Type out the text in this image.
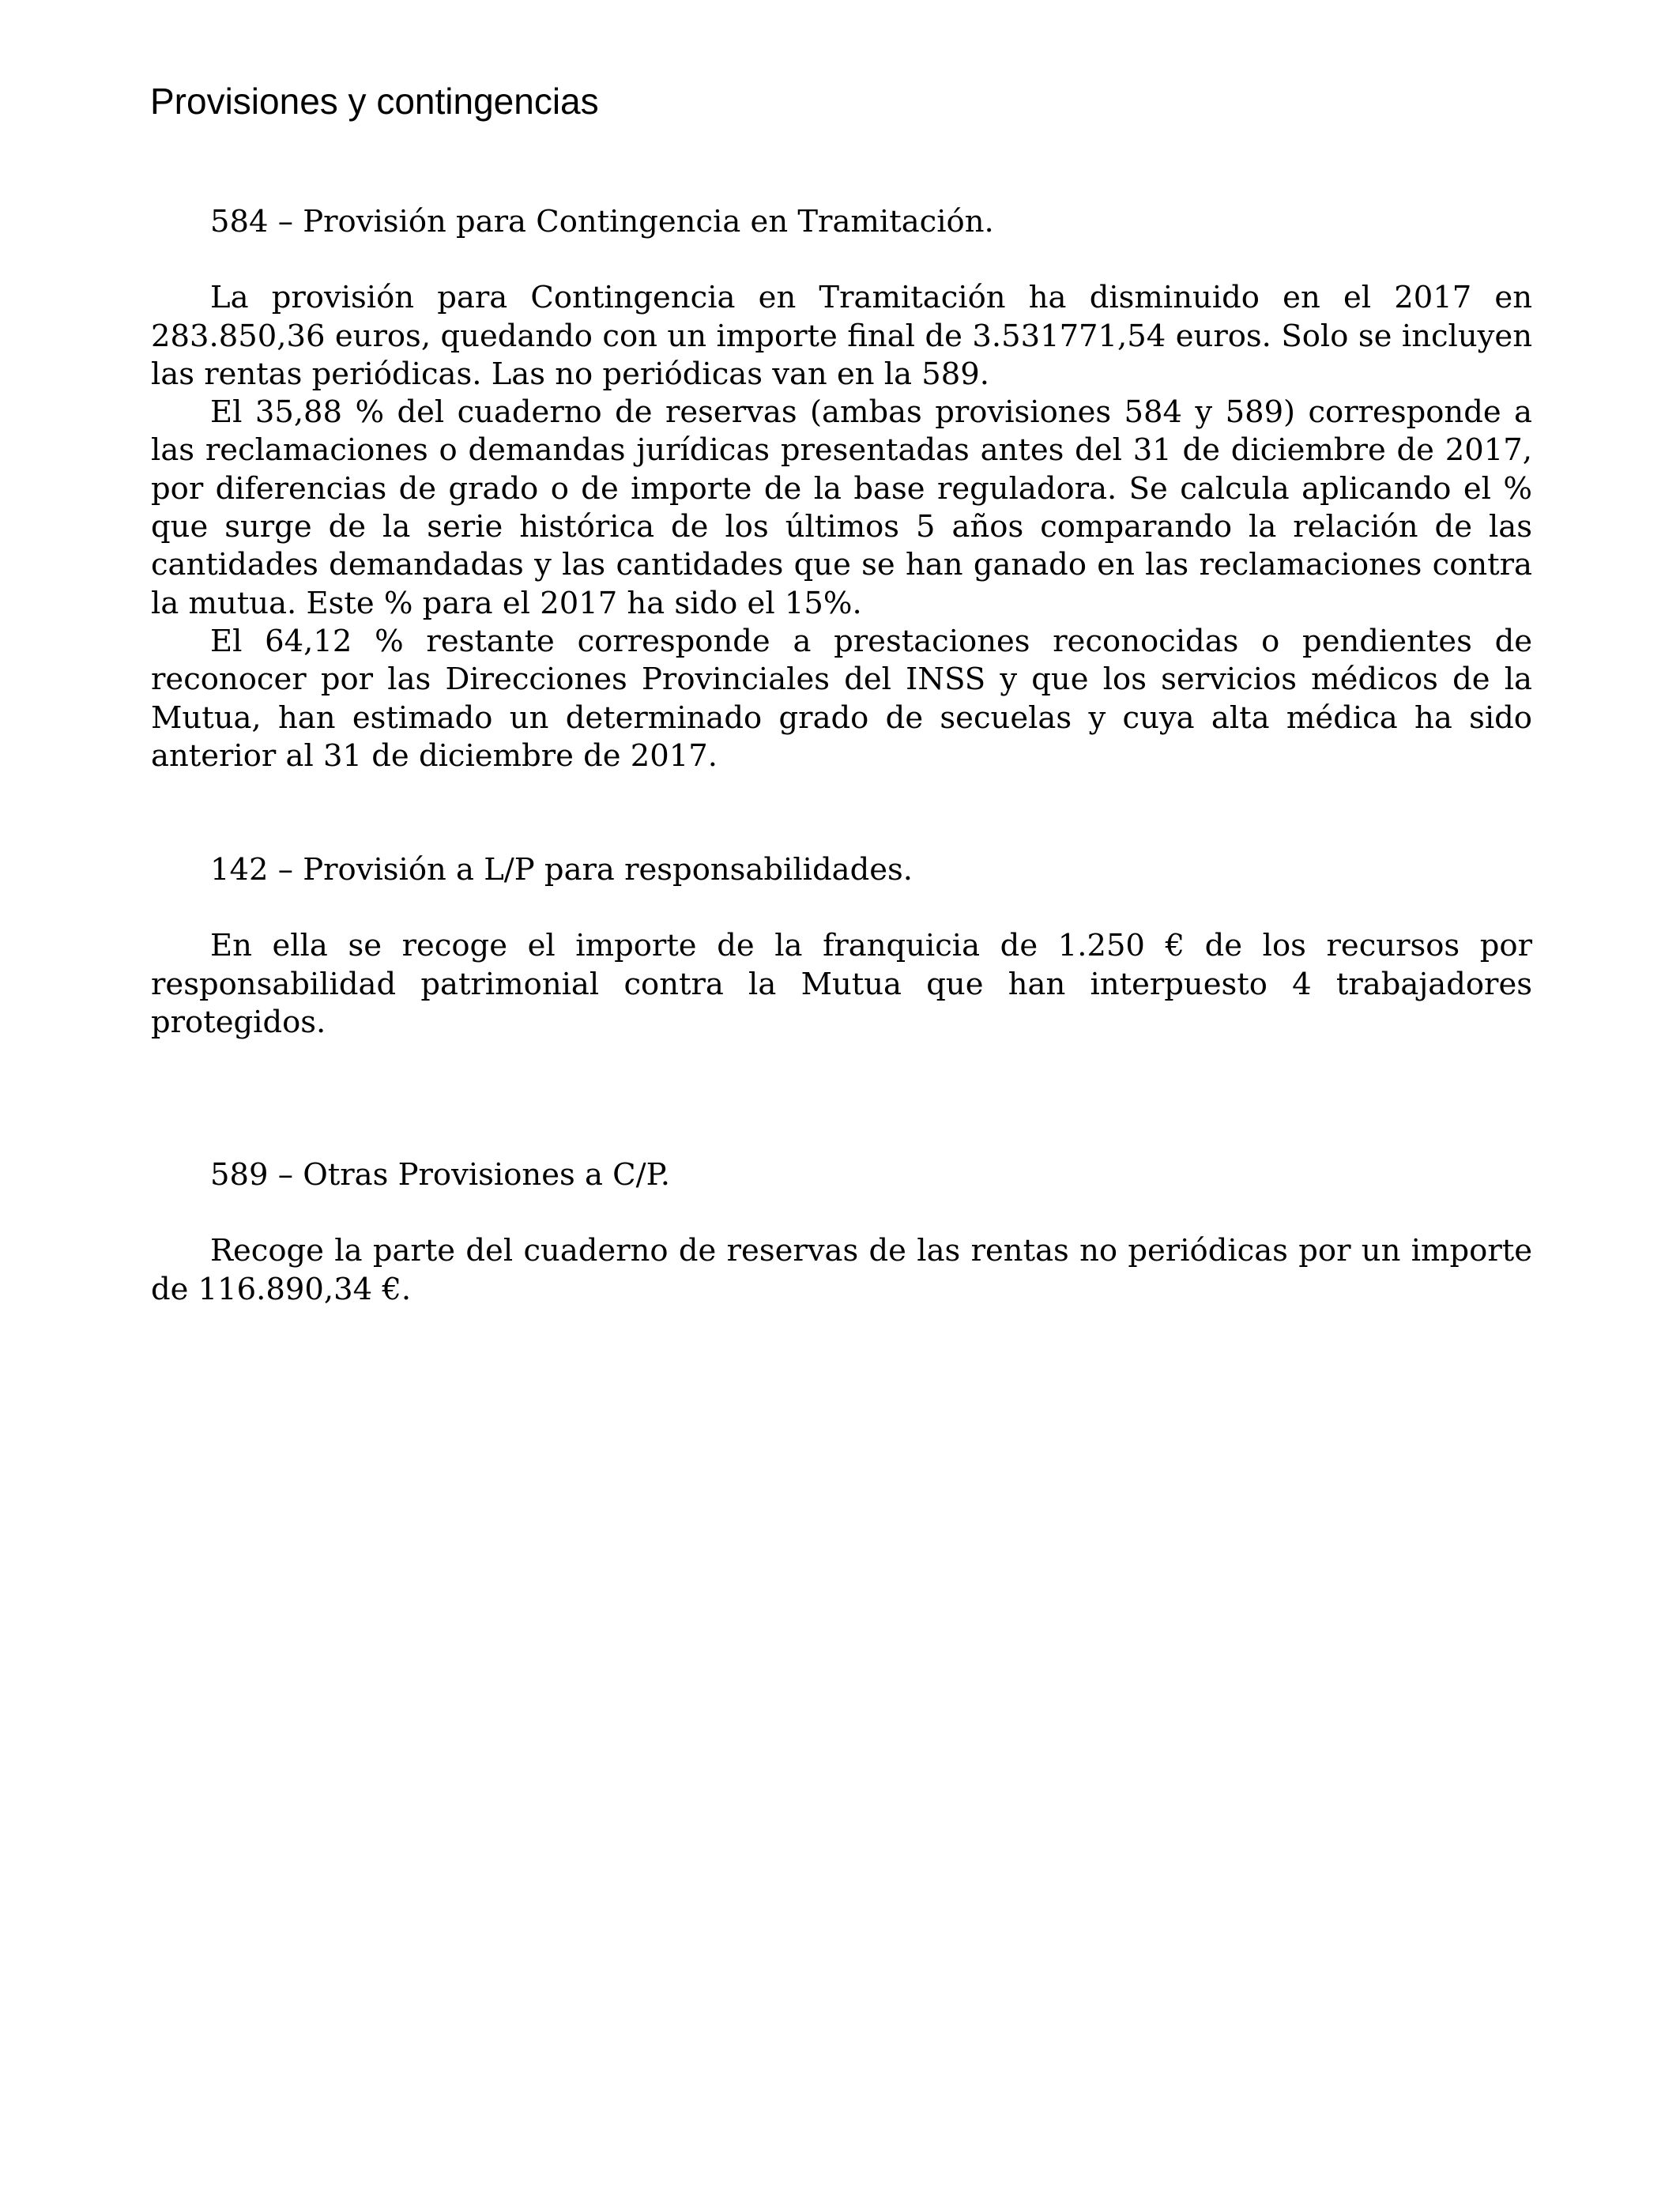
Provisiones y contingencias

584 – Provisión para Contingencia en Tramitación.

La provisión para Contingencia en Tramitación ha disminuido en el 2017 en 283.850,36 euros, quedando con un importe final de 3.531771,54 euros. Solo se incluyen las rentas periódicas. Las no periódicas van en la 589.

El 35,88 % del cuaderno de reservas (ambas provisiones 584 y 589) corresponde a las reclamaciones o demandas jurídicas presentadas antes del 31 de diciembre de 2017, por diferencias de grado o de importe de la base reguladora. Se calcula aplicando el % que surge de la serie histórica de los últimos 5 años comparando la relación de las cantidades demandadas y las cantidades que se han ganado en las reclamaciones contra la mutua. Este % para el 2017 ha sido el 15%.

El 64,12 % restante corresponde a prestaciones reconocidas o pendientes de reconocer por las Direcciones Provinciales del INSS y que los servicios médicos de la Mutua, han estimado un determinado grado de secuelas y cuya alta médica ha sido anterior al 31 de diciembre de 2017.

142 – Provisión a L/P para responsabilidades.

En ella se recoge el importe de la franquicia de 1.250 € de los recursos por responsabilidad patrimonial contra la Mutua que han interpuesto 4 trabajadores protegidos.

589 – Otras Provisiones a C/P.

Recoge la parte del cuaderno de reservas de las rentas no periódicas por un importe de 116.890,34 €.
